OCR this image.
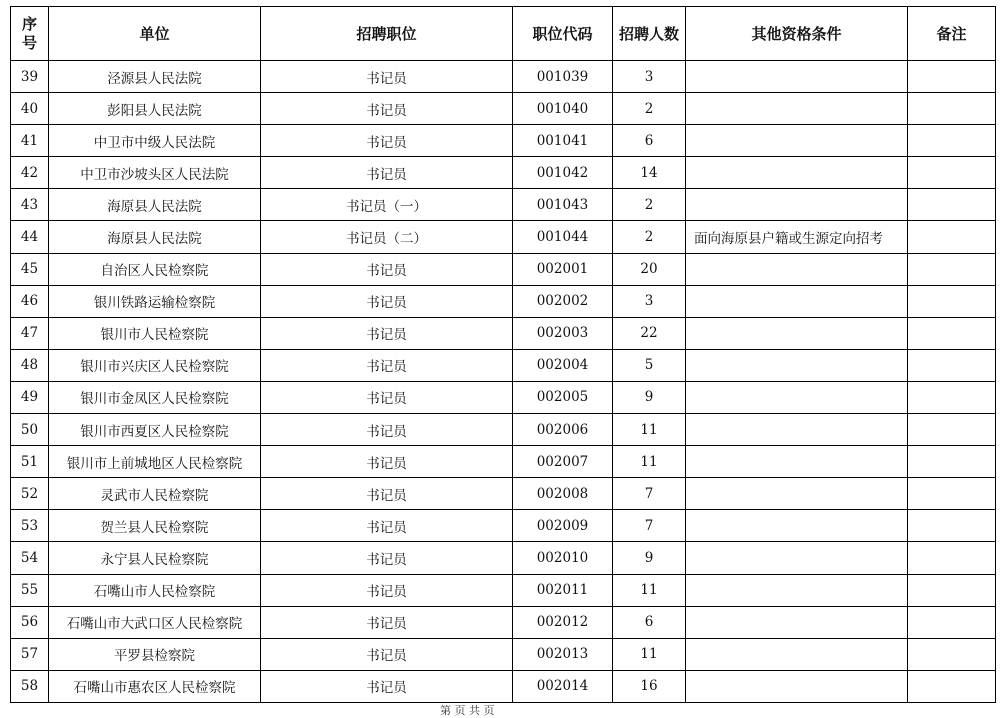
序
号	单位	招聘职位	职位代码	招聘人数	其他资格条件	备注
39	泾源县人民法院	书记员	001039	3		
40	彭阳县人民法院	书记员	001040	2		
41	中卫市中级人民法院	书记员	001041	6		
42	中卫市沙坡头区人民法院	书记员	001042	14		
43	海原县人民法院	书记员（一）	001043	2		
44	海原县人民法院	书记员（二）	001044	2	面向海原县户籍或生源定向招考	
45	自治区人民检察院	书记员	002001	20		
46	银川铁路运输检察院	书记员	002002	3		
47	银川市人民检察院	书记员	002003	22		
48	银川市兴庆区人民检察院	书记员	002004	5		
49	银川市金凤区人民检察院	书记员	002005	9		
50	银川市西夏区人民检察院	书记员	002006	11		
51	银川市上前城地区人民检察院	书记员	002007	11		
52	灵武市人民检察院	书记员	002008	7		
53	贺兰县人民检察院	书记员	002009	7		
54	永宁县人民检察院	书记员	002010	9		
55	石嘴山市人民检察院	书记员	002011	11		
56	石嘴山市大武口区人民检察院	书记员	002012	6		
57	平罗县检察院	书记员	002013	11		
58	石嘴山市惠农区人民检察院	书记员	002014	16		
第 页 共 页
